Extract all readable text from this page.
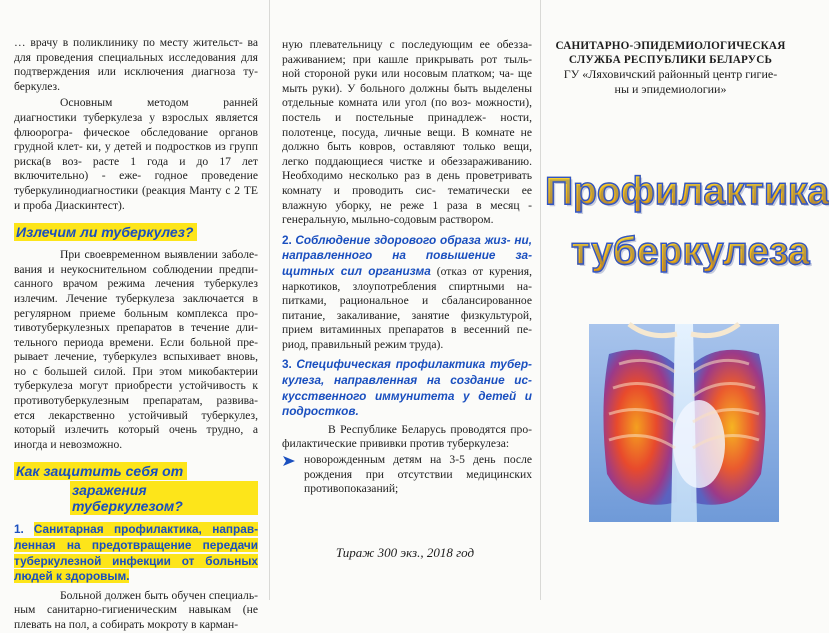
… врачу в поликлинику по месту жительст- ва для проведения специальных исследования для подтверждения или исключения диагноза ту- беркулез.

Основным методом ранней диагностики туберкулеза у взрослых является флюорогра- фическое обследование органов грудной клет- ки, у детей и подростков из групп риска(в воз- расте 1 года и до 17 лет включительно) - еже- годное проведение туберкулинодиагностики (реакция Манту с 2 ТЕ и проба Диаскинтест).

Излечим ли туберкулез?

При своевременном выявлении заболе- вания и неукоснительном соблюдении предпи- санного врачом режима лечения туберкулез излечим. Лечение туберкулеза заключается в регулярном приеме больным комплекса про- тивотуберкулезных препаратов в течение дли- тельного периода времени. Если больной пре- рывает лечение, туберкулез вспыхивает вновь, но с большей силой. При этом микобактерии туберкулеза могут приобрести устойчивость к противотуберкулезным препаратам, развива- ется лекарственно устойчивый туберкулез, который излечить который очень трудно, а иногда и невозможно.

Как защитить себя от
заражения туберкулезом?

1. Санитарная профилактика, направ- ленная на предотвращение передачи туберкулезной инфекции от больных людей к здоровым.

Больной должен быть обучен специаль- ным санитарно-гигиеническим навыкам (не плевать на пол, а собирать мокроту в карман-

ную плевательницу с последующим ее обезза- раживанием; при кашле прикрывать рот тыль- ной стороной руки или носовым платком; ча- ще мыть руки). У больного должны быть выделены отдельные комната или угол (по воз- можности), постель и постельные принадлеж- ности, полотенце, посуда, личные вещи. В комнате не должно быть ковров, оставляют только вещи, легко поддающиеся чистке и обеззараживанию. Необходимо несколько раз в день проветривать комнату и проводить сис- тематически ее влажную уборку, не реже 1 раза в месяц - генеральную, мыльно-содовым раствором.

2. Соблюдение здорового образа жиз- ни, направленного на повышение за- щитных сил организма (отказ от курения, наркотиков, злоупотребления спиртными на- питками, рациональное и сбалансированное питание, закаливание, занятие физкультурой, прием витаминных препаратов в весенний пе- риод, правильный режим труда).

3. Специфическая профилактика тубер- кулеза, направленная на создание ис- кусственного иммунитета у детей и подростков.

В Республике Беларусь проводятся про- филактические прививки против туберкулеза:

новорожденным детям на 3-5 день после рождения при отсутствии медицинских противопоказаний;

Тираж 300 экз., 2018 год
САНИТАРНО-ЭПИДЕМИОЛОГИЧЕСКАЯ
СЛУЖБА РЕСПУБЛИКИ БЕЛАРУСЬ
ГУ «Ляховичский районный центр гигие-
ны и эпидемиологии»
Профилактика
туберкулеза
